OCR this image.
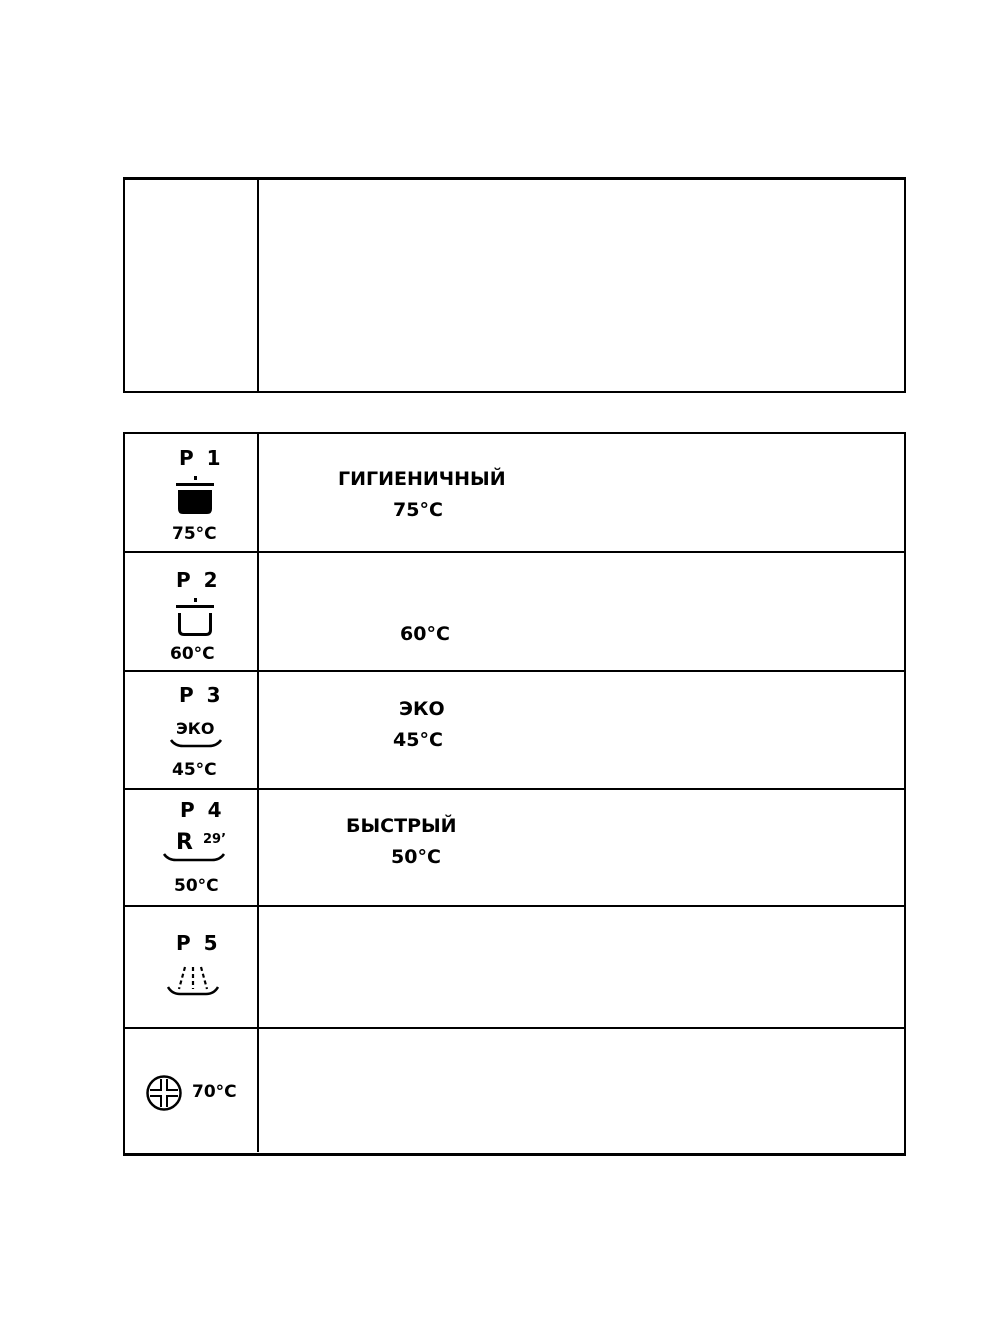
P 1
75°C
ГИГИЕНИЧНЫЙ
75°C
P 2
60°C
60°C
P 3
ЭКО
45°C
ЭКО
45°C
P 4
R 29’
50°C
БЫСТРЫЙ
50°C
P 5
70°C
